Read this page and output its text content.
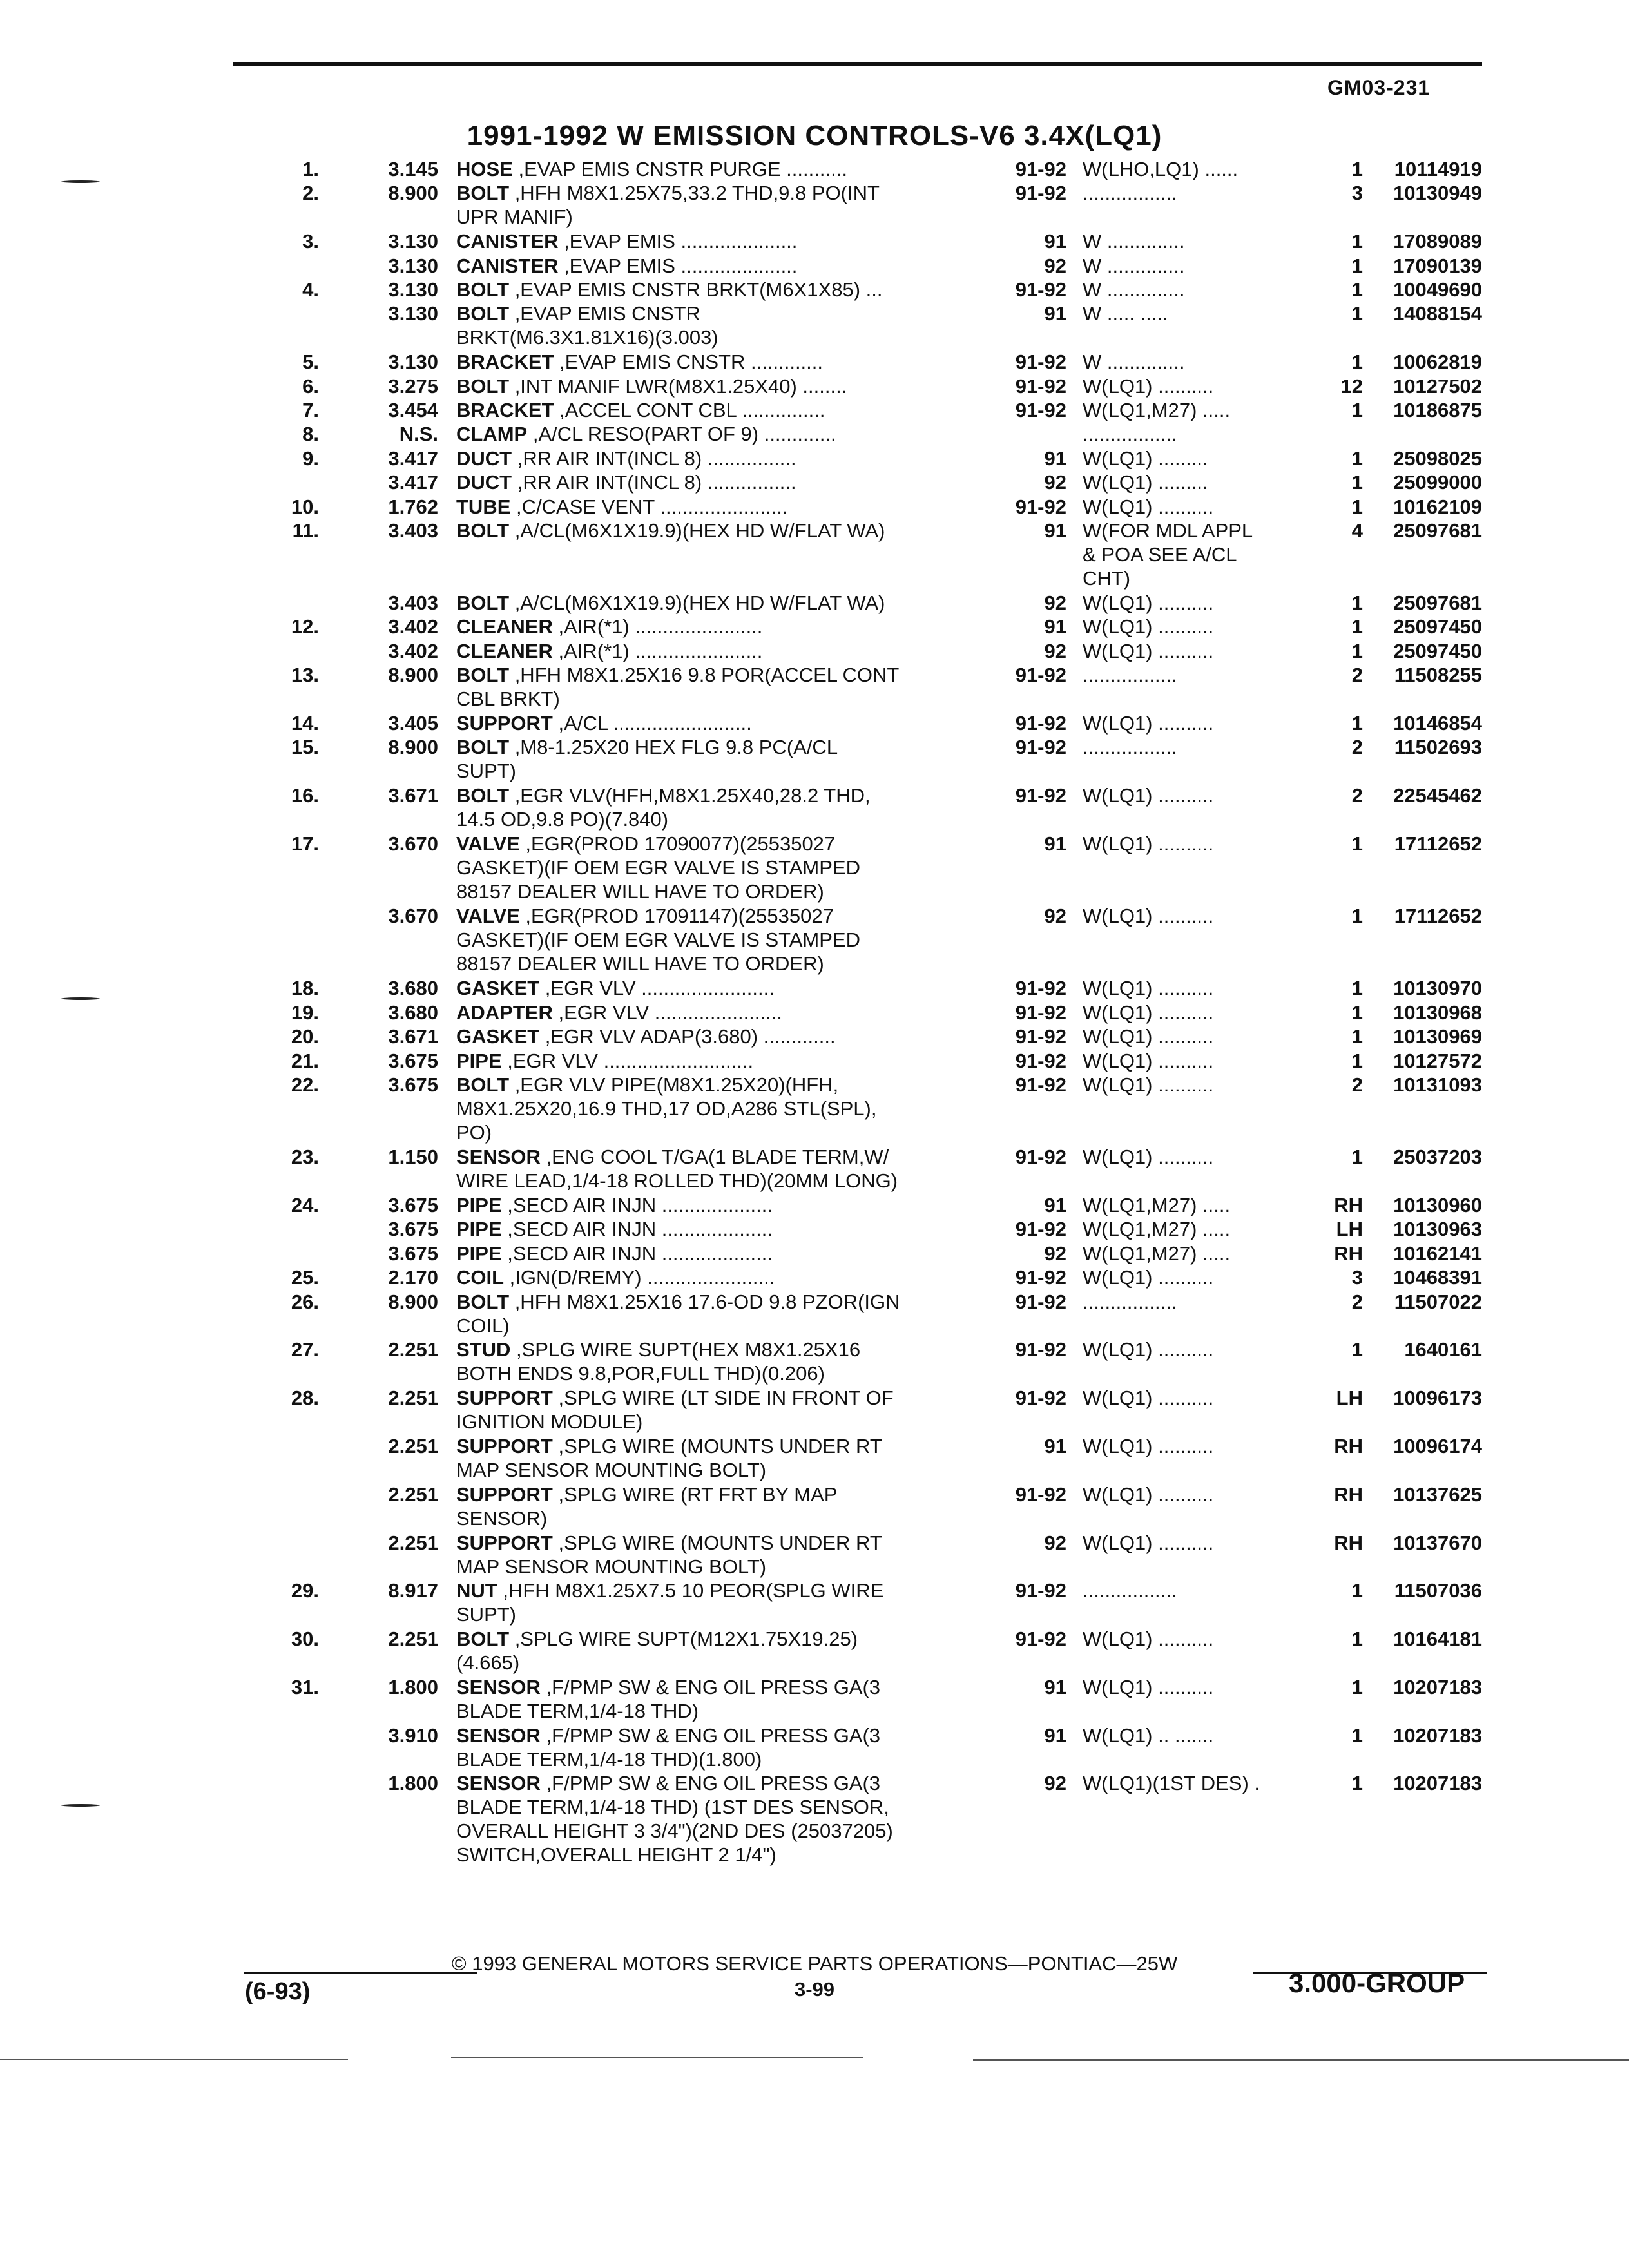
GM03-231
1991-1992 W EMISSION CONTROLS-V6 3.4X(LQ1)
1.	3.145 HOSE ,EVAP EMIS CNSTR PURGE ...........	91-92 W(LHO,LQ1) ......	1	10114919
2.	8.900 BOLT ,HFH M8X1.25X75,33.2 THD,9.8 PO(INT
UPR MANIF)
91-92 .................	3	10130949
3.	3.130 CANISTER ,EVAP EMIS .....................	91 W ..............	1	17089089
3.130 CANISTER ,EVAP EMIS .....................	92 W ..............	1	17090139
4.	3.130 BOLT ,EVAP EMIS CNSTR BRKT(M6X1X85) ...	91-92 W ..............	1	10049690
3.130 BOLT ,EVAP EMIS CNSTR
BRKT(M6.3X1.81X16)(3.003)
91 W ..... .....	1	14088154
5.	3.130 BRACKET ,EVAP EMIS CNSTR .............	91-92 W ..............	1	10062819
6.	3.275 BOLT ,INT MANIF LWR(M8X1.25X40) ........	91-92 W(LQ1) ..........	12	10127502
7.	3.454 BRACKET ,ACCEL CONT CBL ...............	91-92 W(LQ1,M27) .....	1	10186875
8.	N.S. CLAMP ,A/CL RESO(PART OF 9) .............	.................
9.	3.417 DUCT ,RR AIR INT(INCL 8) ................	91 W(LQ1) .........	1	25098025
3.417 DUCT ,RR AIR INT(INCL 8) ................	92 W(LQ1) .........	1	25099000
10.	1.762 TUBE ,C/CASE VENT .......................	91-92 W(LQ1) ..........	1	10162109
11.	3.403 BOLT ,A/CL(M6X1X19.9)(HEX HD W/FLAT WA)	91 W(FOR MDL APPL
& POA SEE A/CL
CHT)
4	25097681
3.403 BOLT ,A/CL(M6X1X19.9)(HEX HD W/FLAT WA)	92 W(LQ1) ..........	1	25097681
12.	3.402 CLEANER ,AIR(*1) .......................	91 W(LQ1) ..........	1	25097450
3.402 CLEANER ,AIR(*1) .......................	92 W(LQ1) ..........	1	25097450
13.	8.900 BOLT ,HFH M8X1.25X16 9.8 POR(ACCEL CONT
CBL BRKT)
91-92 .................	2	11508255
14.	3.405 SUPPORT ,A/CL .........................	91-92 W(LQ1) ..........	1	10146854
15.	8.900 BOLT ,M8-1.25X20 HEX FLG 9.8 PC(A/CL
SUPT)
91-92 .................	2	11502693
16.	3.671 BOLT ,EGR VLV(HFH,M8X1.25X40,28.2 THD,
14.5 OD,9.8 PO)(7.840)
91-92 W(LQ1) ..........	2	22545462
17.	3.670 VALVE ,EGR(PROD 17090077)(25535027
GASKET)(IF OEM EGR VALVE IS STAMPED
88157 DEALER WILL HAVE TO ORDER)
91 W(LQ1) ..........	1	17112652
3.670 VALVE ,EGR(PROD 17091147)(25535027
GASKET)(IF OEM EGR VALVE IS STAMPED
88157 DEALER WILL HAVE TO ORDER)
92 W(LQ1) ..........	1	17112652
18.	3.680 GASKET ,EGR VLV ........................	91-92 W(LQ1) ..........	1	10130970
19.	3.680 ADAPTER ,EGR VLV .......................	91-92 W(LQ1) ..........	1	10130968
20.	3.671 GASKET ,EGR VLV ADAP(3.680) .............	91-92 W(LQ1) ..........	1	10130969
21.	3.675 PIPE ,EGR VLV ...........................	91-92 W(LQ1) ..........	1	10127572
22.	3.675 BOLT ,EGR VLV PIPE(M8X1.25X20)(HFH,
M8X1.25X20,16.9 THD,17 OD,A286 STL(SPL),
PO)
91-92 W(LQ1) ..........	2	10131093
23.	1.150 SENSOR ,ENG COOL T/GA(1 BLADE TERM,W/
WIRE LEAD,1/4-18 ROLLED THD)(20MM LONG)
91-92 W(LQ1) ..........	1	25037203
24.	3.675 PIPE ,SECD AIR INJN ....................	91 W(LQ1,M27) .....	RH	10130960
3.675 PIPE ,SECD AIR INJN ....................	91-92 W(LQ1,M27) .....	LH	10130963
3.675 PIPE ,SECD AIR INJN ....................	92 W(LQ1,M27) .....	RH	10162141
25.	2.170 COIL ,IGN(D/REMY) .......................	91-92 W(LQ1) ..........	3	10468391
26.	8.900 BOLT ,HFH M8X1.25X16 17.6-OD 9.8 PZOR(IGN
COIL)
91-92 .................	2	11507022
27.	2.251 STUD ,SPLG WIRE SUPT(HEX M8X1.25X16
BOTH ENDS 9.8,POR,FULL THD)(0.206)
91-92 W(LQ1) ..........	1	1640161
28.	2.251 SUPPORT ,SPLG WIRE (LT SIDE IN FRONT OF
IGNITION MODULE)
91-92 W(LQ1) ..........	LH	10096173
2.251 SUPPORT ,SPLG WIRE (MOUNTS UNDER RT
MAP SENSOR MOUNTING BOLT)
91 W(LQ1) ..........	RH	10096174
2.251 SUPPORT ,SPLG WIRE (RT FRT BY MAP
SENSOR)
91-92 W(LQ1) ..........	RH	10137625
2.251 SUPPORT ,SPLG WIRE (MOUNTS UNDER RT
MAP SENSOR MOUNTING BOLT)
92 W(LQ1) ..........	RH	10137670
29.	8.917 NUT ,HFH M8X1.25X7.5 10 PEOR(SPLG WIRE
SUPT)
91-92 .................	1	11507036
30.	2.251 BOLT ,SPLG WIRE SUPT(M12X1.75X19.25)
(4.665)
91-92 W(LQ1) ..........	1	10164181
31.	1.800 SENSOR ,F/PMP SW & ENG OIL PRESS GA(3
BLADE TERM,1/4-18 THD)
91 W(LQ1) ..........	1	10207183
3.910 SENSOR ,F/PMP SW & ENG OIL PRESS GA(3
BLADE TERM,1/4-18 THD)(1.800)
91 W(LQ1) .. .......	1	10207183
1.800 SENSOR ,F/PMP SW & ENG OIL PRESS GA(3
BLADE TERM,1/4-18 THD) (1ST DES SENSOR,
OVERALL HEIGHT 3 3/4")(2ND DES (25037205)
SWITCH,OVERALL HEIGHT 2 1/4")
92 W(LQ1)(1ST DES) .	1	10207183
© 1993 GENERAL MOTORS SERVICE PARTS OPERATIONS—PONTIAC—25W
3-99
(6-93)	3.000-GROUP
